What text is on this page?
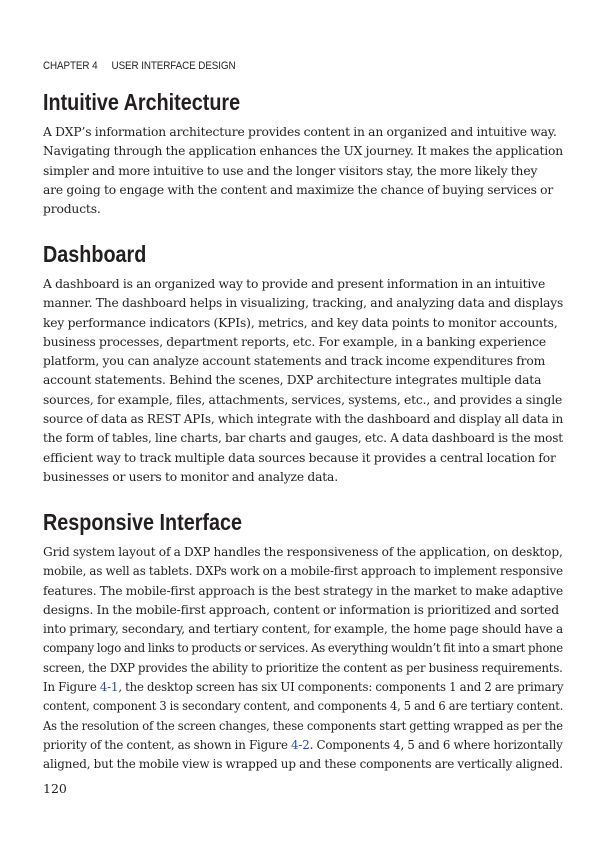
CHAPTER 4 USER INTERFACE DESIGN
Intuitive Architecture

A DXP’s information architecture provides content in an organized and intuitive way.
Navigating through the application enhances the UX journey. It makes the application
simpler and more intuitive to use and the longer visitors stay, the more likely they
are going to engage with the content and maximize the chance of buying services or
products.

Dashboard

A dashboard is an organized way to provide and present information in an intuitive
manner. The dashboard helps in visualizing, tracking, and analyzing data and displays
key performance indicators (KPIs), metrics, and key data points to monitor accounts,
business processes, department reports, etc. For example, in a banking experience
platform, you can analyze account statements and track income expenditures from
account statements. Behind the scenes, DXP architecture integrates multiple data
sources, for example, files, attachments, services, systems, etc., and provides a single
source of data as REST APIs, which integrate with the dashboard and display all data in
the form of tables, line charts, bar charts and gauges, etc. A data dashboard is the most
efficient way to track multiple data sources because it provides a central location for
businesses or users to monitor and analyze data.

Responsive Interface

Grid system layout of a DXP handles the responsiveness of the application, on desktop,
mobile, as well as tablets. DXPs work on a mobile-first approach to implement responsive
features. The mobile-first approach is the best strategy in the market to make adaptive
designs. In the mobile-first approach, content or information is prioritized and sorted
into primary, secondary, and tertiary content, for example, the home page should have a
company logo and links to products or services. As everything wouldn’t fit into a smart phone
screen, the DXP provides the ability to prioritize the content as per business requirements.
In Figure 4-1, the desktop screen has six UI components: components 1 and 2 are primary
content, component 3 is secondary content, and components 4, 5 and 6 are tertiary content.
As the resolution of the screen changes, these components start getting wrapped as per the
priority of the content, as shown in Figure 4-2. Components 4, 5 and 6 where horizontally
aligned, but the mobile view is wrapped up and these components are vertically aligned.

120
